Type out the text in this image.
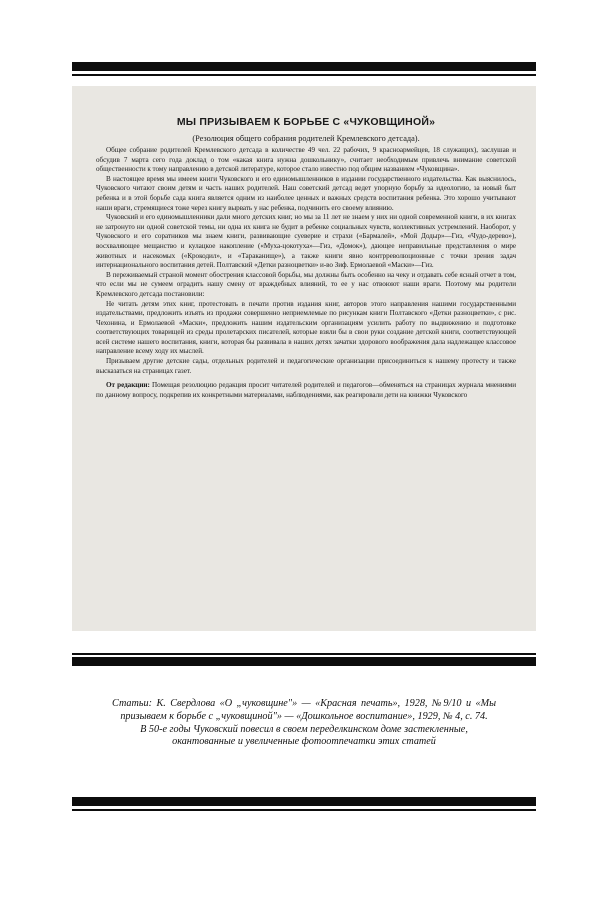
МЫ ПРИЗЫВАЕМ К БОРЬБЕ С «ЧУКОВЩИНОЙ»
(Резолюция общего собрания родителей Кремлевского детсада).

Общее собрание родителей Кремлевского детсада в количестве 49 чел. 22 рабочих, 9 красноармейцев, 18 служащих), заслушав и обсудив 7 марта сего года доклад о том «какая книга нужна дошкольнику», считает необходимым привлечь внимание советской общественности к тому направлению в детской литературе, которое стало известно под общим названием «Чуковщина».

В настоящее время мы имеем книги Чуковского и его единомышленников в издании государственного издательства. Как выяснилось, Чуковского читают своим детям и часть наших родителей. Наш советский детсад ведет упорную борьбу за идеологию, за новый быт ребенка и в этой борьбе сада книга является одним из наиболее ценных и важных средств воспитания ребенка. Это хорошо учитывают наши враги, стремящиеся тоже через книгу вырвать у нас ребенка, подчинить его своему влиянию.

Чуковский и его единомышленники дали много детских книг, но мы за 11 лет не знаем у них ни одной современной книги, в их книгах не затронуто ни одной советской темы, ни одна их книга не будит в ребенке социальных чувств, коллективных устремлений. Наоборот, у Чуковского и его соратников мы знаем книги, развивающие суеверие и страхи («Бармалей», «Мой Додыр»—Гиз, «Чудо-дерево»), восхваляющее мещанство и кулацкое накопление («Муха-цокотуха»—Гиз, «Домок»), дающее неправильные представления о мире животных и насекомых («Крокодил», и «Тараканище»), а также книги явно контрреволюционные с точки зрения задач интернационального воспитания детей. Полтавский «Детки разноцветки» и-во Зиф. Ермолаевой «Маски»—Гиз.

В переживаемый страной момент обострения классовой борьбы, мы должны быть особенно на чеку и отдавать себе ясный отчет в том, что если мы не сумеем оградить нашу смену от враждебных влияний, то ее у нас отвоюют наши враги. Поэтому мы родители Кремлевского детсада постановили:

Не читать детям этих книг, протестовать в печати против издания книг, авторов этого направления нашими государственными издательствами, предложить изъять из продажи совершенно неприемлемые по рисункам книги Полтавского «Детки разноцветки», с рис. Чехонина, и Ермолаевой «Маски», предложить нашим издательским организациям усилить работу по выдвижению и подготовке соответствующих товарищей из среды пролетарских писателей, которые взяли бы в свои руки создание детской книги, соответствующей всей системе нашего воспитания, книги, которая бы развивала в наших детях зачатки здорового воображения дала надлежащее классовое направление всему ходу их мыслей.

Призываем другие детские сады, отдельных родителей и педагогические организации присоединиться к нашему протесту и также высказаться на страницах газет.

От редакции: Помещая резолюцию редакция просит читателей родителей и педагогов—обменяться на страницах журнала мнениями по данному вопросу, подкрепив их конкретными материалами, наблюдениями, как реагировали дети на книжки Чуковского

Статьи: К. Свердлова «О „чуковщине"» — «Красная печать», 1928, №9/10 и «Мы призываем к борьбе с „чуковщиной"» — «Дошкольное воспитание», 1929, № 4, с. 74.

В 50-е годы Чуковский повесил в своем переделкинском доме застекленные, окантованные и увеличенные фотоотпечатки этих статей
